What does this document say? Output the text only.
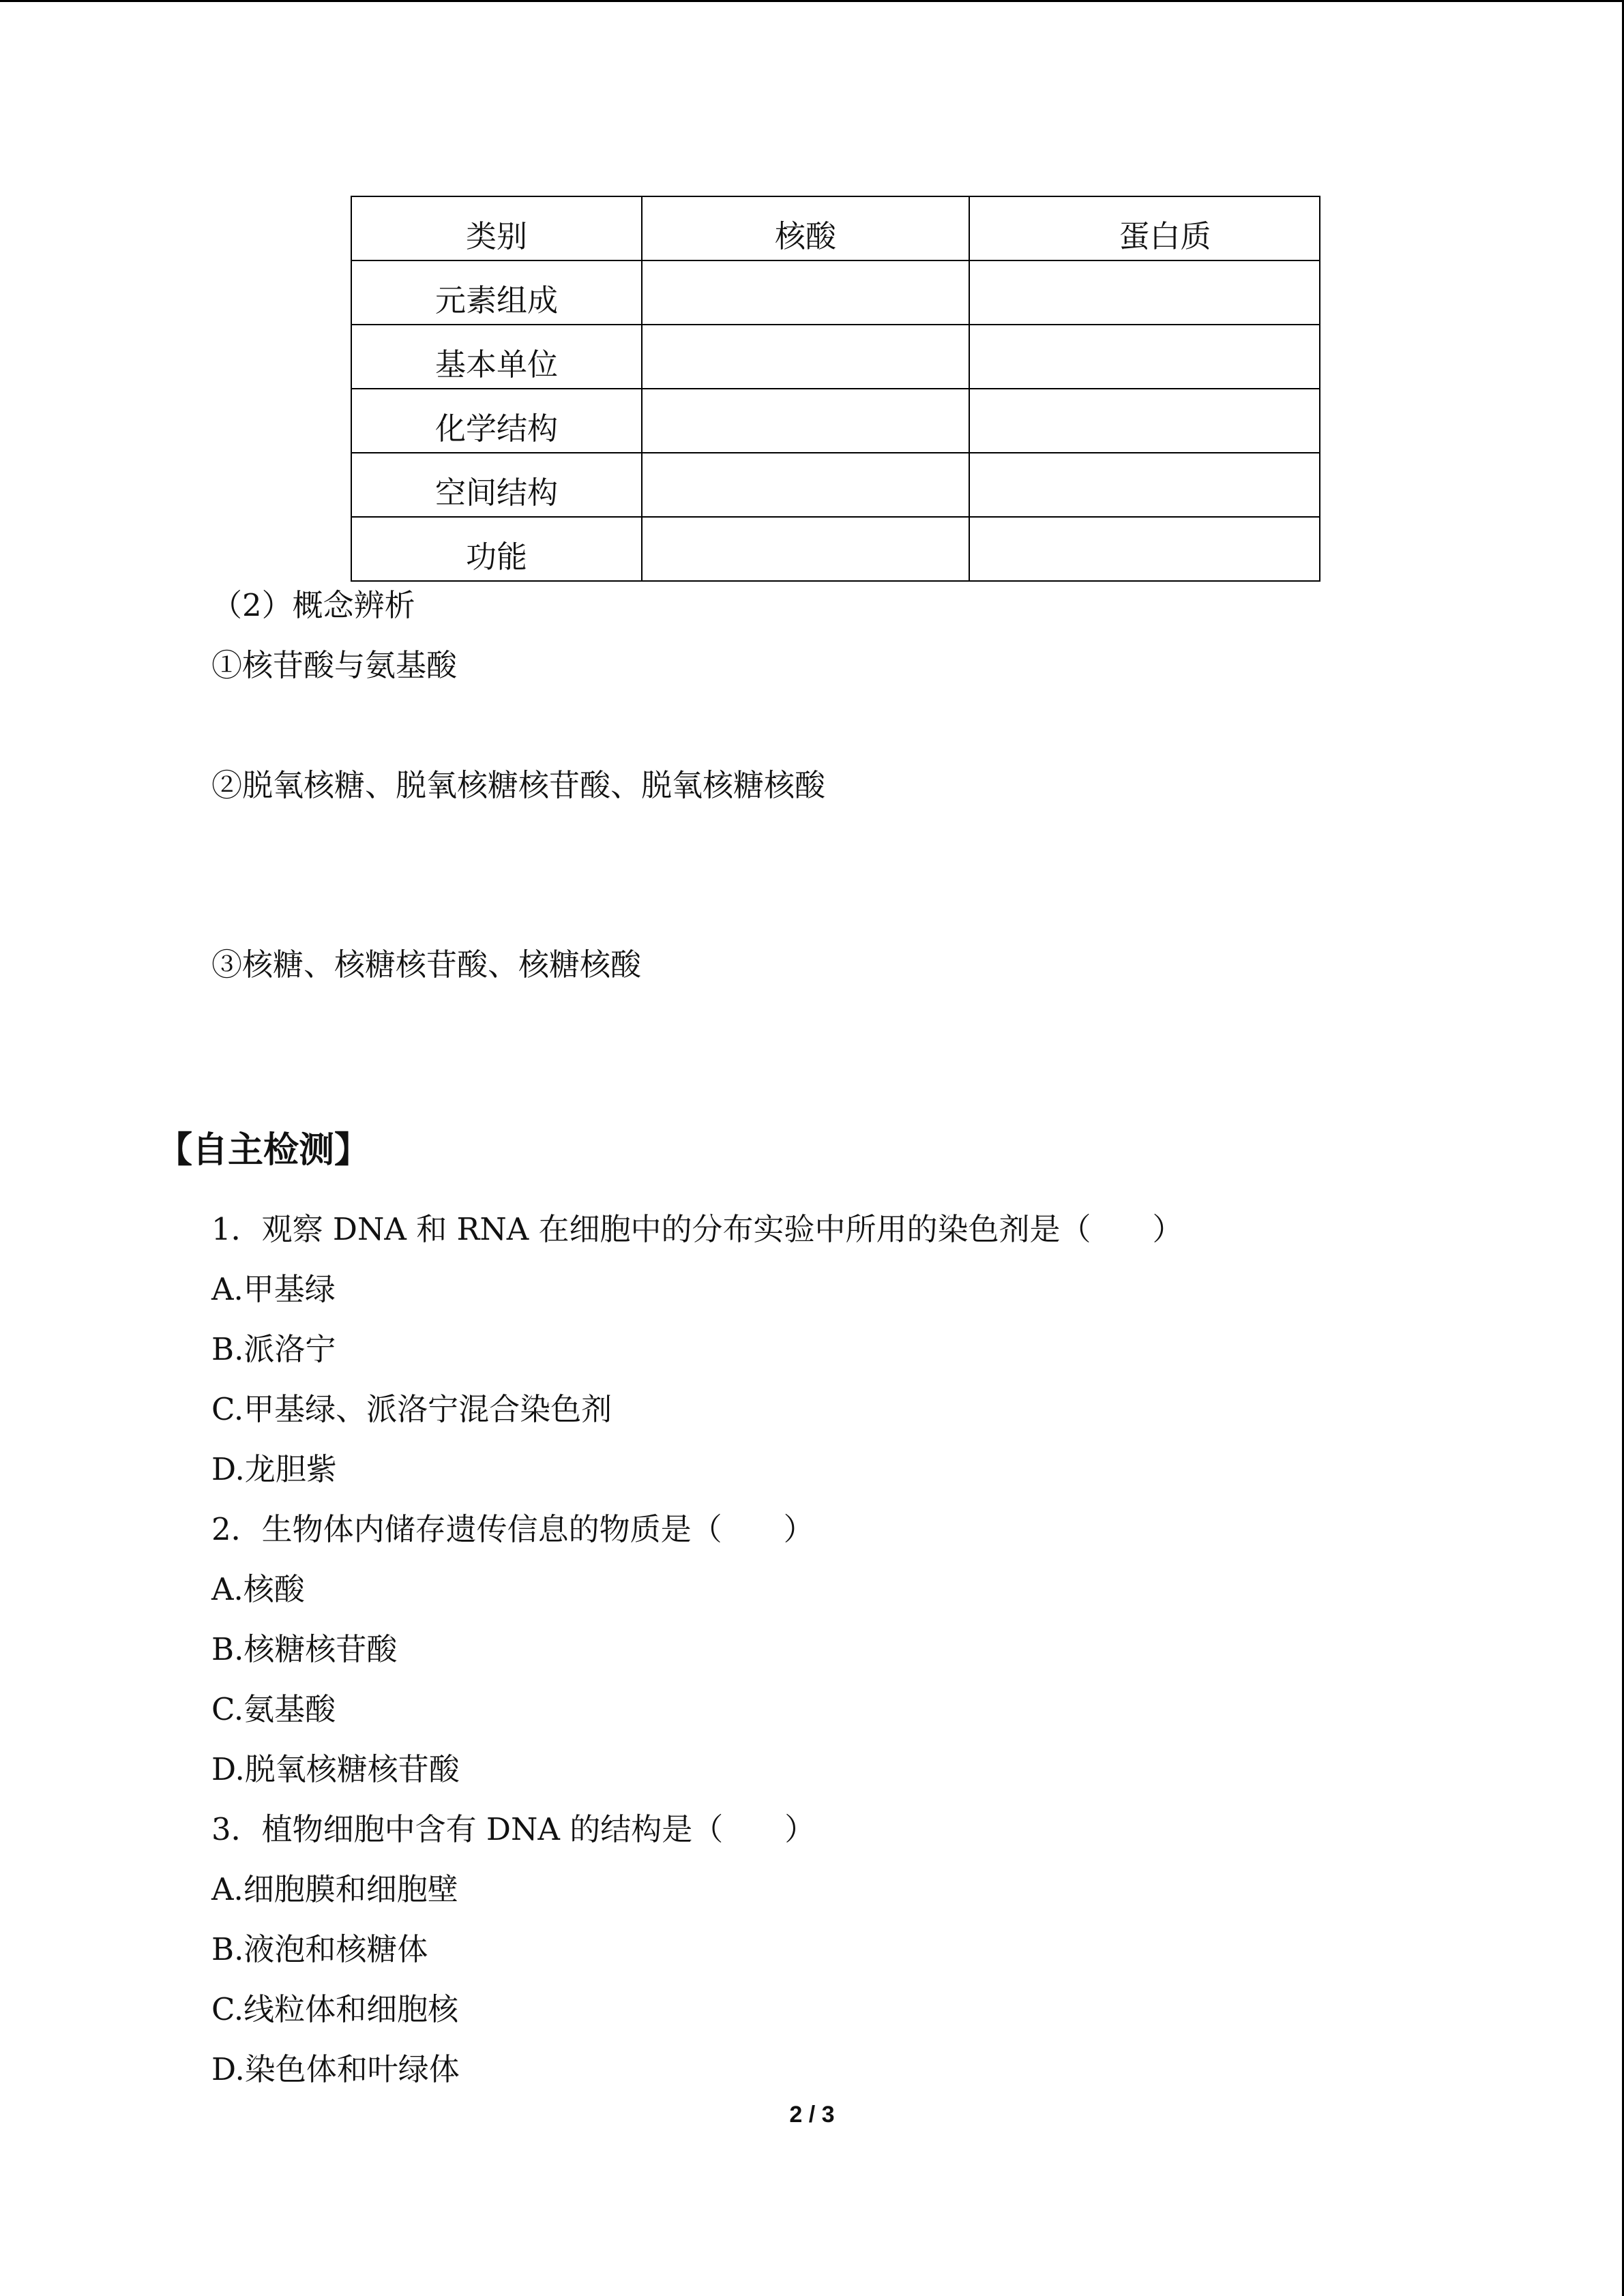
类别	核酸	蛋白质
元素组成		
基本单位		
化学结构		
空间结构		
功能		
（2）概念辨析
①核苷酸与氨基酸
②脱氧核糖、脱氧核糖核苷酸、脱氧核糖核酸
③核糖、核糖核苷酸、核糖核酸
【自主检测】
1．观察 DNA 和 RNA 在细胞中的分布实验中所用的染色剂是（　　）
A.甲基绿
B.派洛宁
C.甲基绿、派洛宁混合染色剂
D.龙胆紫
2．生物体内储存遗传信息的物质是（　　）
A.核酸
B.核糖核苷酸
C.氨基酸
D.脱氧核糖核苷酸
3．植物细胞中含有 DNA 的结构是（　　）
A.细胞膜和细胞壁
B.液泡和核糖体
C.线粒体和细胞核
D.染色体和叶绿体
2 / 3
